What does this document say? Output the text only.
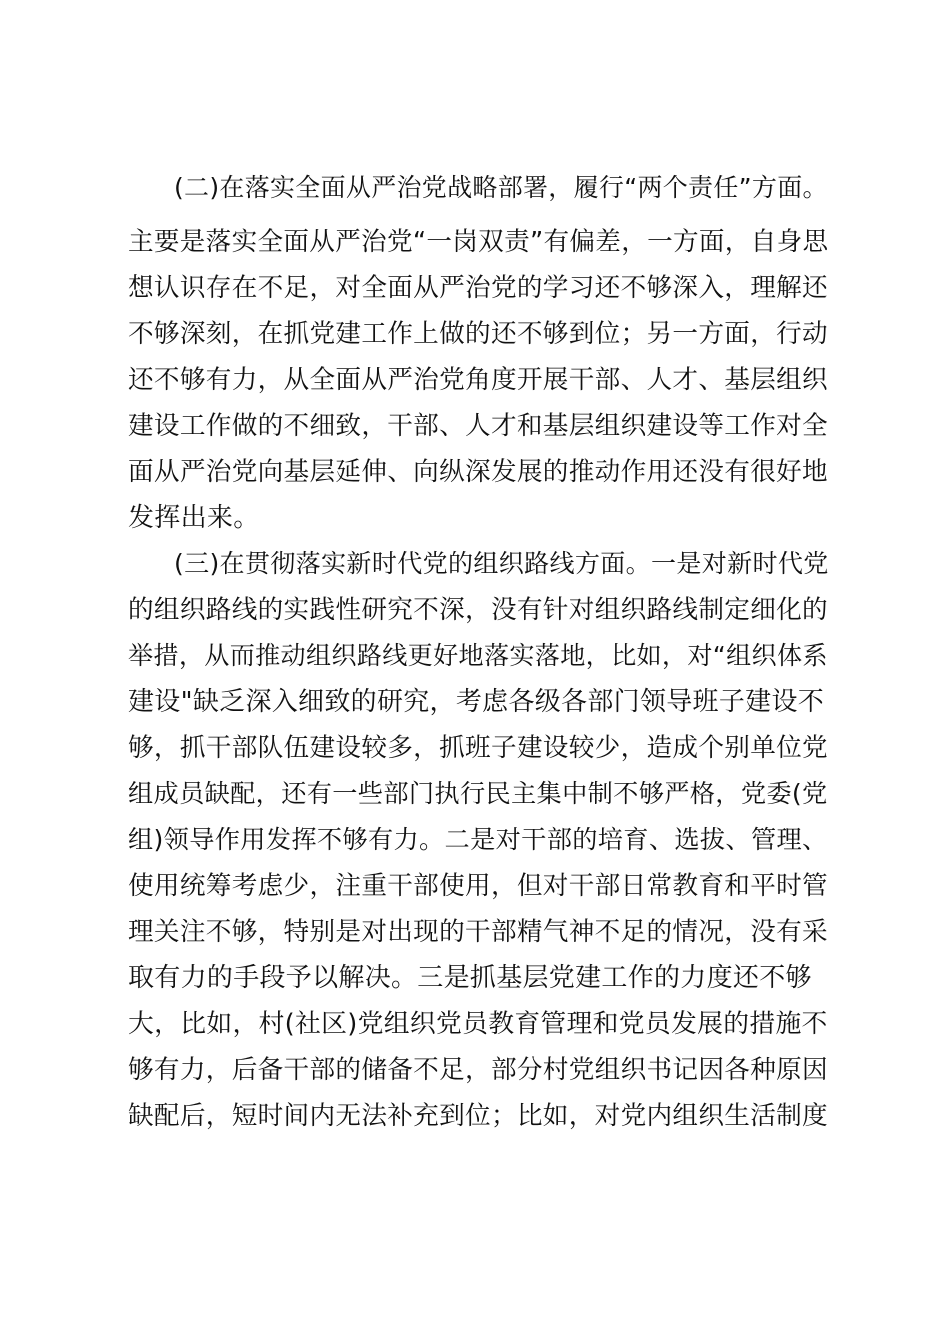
(二)在落实全面从严治党战略部署，履行“两个责任”方面。
主要是落实全面从严治党“一岗双责”有偏差，一方面，自身思
想认识存在不足，对全面从严治党的学习还不够深入，理解还
不够深刻，在抓党建工作上做的还不够到位；另一方面，行动
还不够有力，从全面从严治党角度开展干部、人才、基层组织
建设工作做的不细致，干部、人才和基层组织建设等工作对全
面从严治党向基层延伸、向纵深发展的推动作用还没有很好地
发挥出来。
(三)在贯彻落实新时代党的组织路线方面。一是对新时代党
的组织路线的实践性研究不深，没有针对组织路线制定细化的
举措，从而推动组织路线更好地落实落地，比如，对“组织体系
建设"缺乏深入细致的研究，考虑各级各部门领导班子建设不
够，抓干部队伍建设较多，抓班子建设较少，造成个别单位党
组成员缺配，还有一些部门执行民主集中制不够严格，党委(党
组)领导作用发挥不够有力。二是对干部的培育、选拔、管理、
使用统筹考虑少，注重干部使用，但对干部日常教育和平时管
理关注不够，特别是对出现的干部精气神不足的情况，没有采
取有力的手段予以解决。三是抓基层党建工作的力度还不够
大，比如，村(社区)党组织党员教育管理和党员发展的措施不
够有力，后备干部的储备不足，部分村党组织书记因各种原因
缺配后，短时间内无法补充到位；比如，对党内组织生活制度
